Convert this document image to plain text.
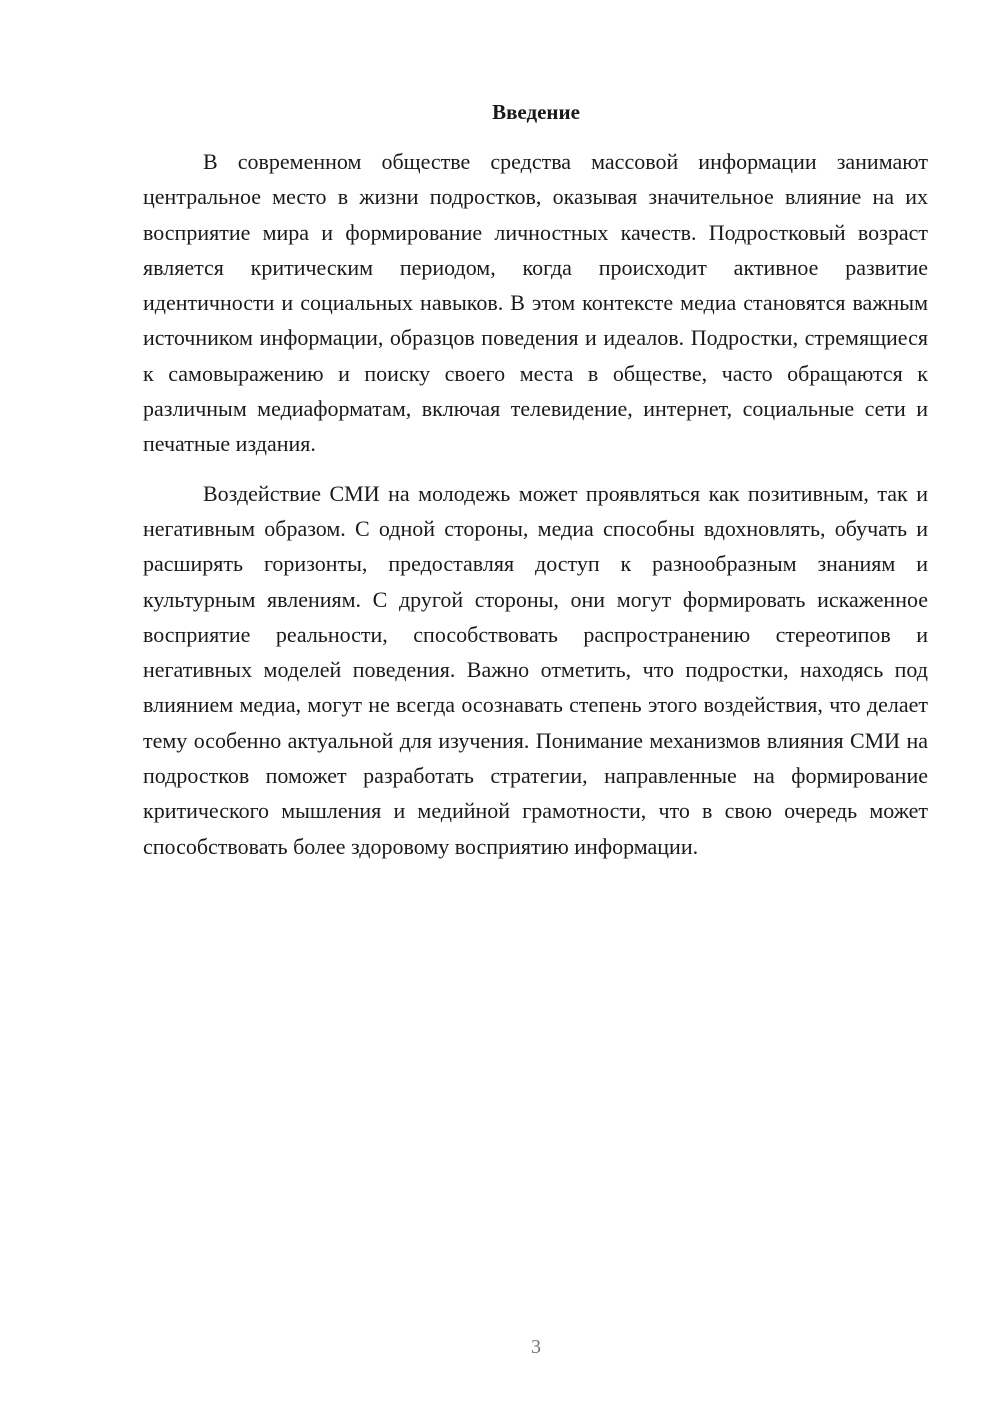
Введение

В современном обществе средства массовой информации занимают центральное место в жизни подростков, оказывая значительное влияние на их восприятие мира и формирование личностных качеств. Подростковый возраст является критическим периодом, когда происходит активное развитие идентичности и социальных навыков. В этом контексте медиа становятся важным источником информации, образцов поведения и идеалов. Подростки, стремящиеся к самовыражению и поиску своего места в обществе, часто обращаются к различным медиаформатам, включая телевидение, интернет, социальные сети и печатные издания.

Воздействие СМИ на молодежь может проявляться как позитивным, так и негативным образом. С одной стороны, медиа способны вдохновлять, обучать и расширять горизонты, предоставляя доступ к разнообразным знаниям и культурным явлениям. С другой стороны, они могут формировать искаженное восприятие реальности, способствовать распространению стереотипов и негативных моделей поведения. Важно отметить, что подростки, находясь под влиянием медиа, могут не всегда осознавать степень этого воздействия, что делает тему особенно актуальной для изучения. Понимание механизмов влияния СМИ на подростков поможет разработать стратегии, направленные на формирование критического мышления и медийной грамотности, что в свою очередь может способствовать более здоровому восприятию информации.

3
